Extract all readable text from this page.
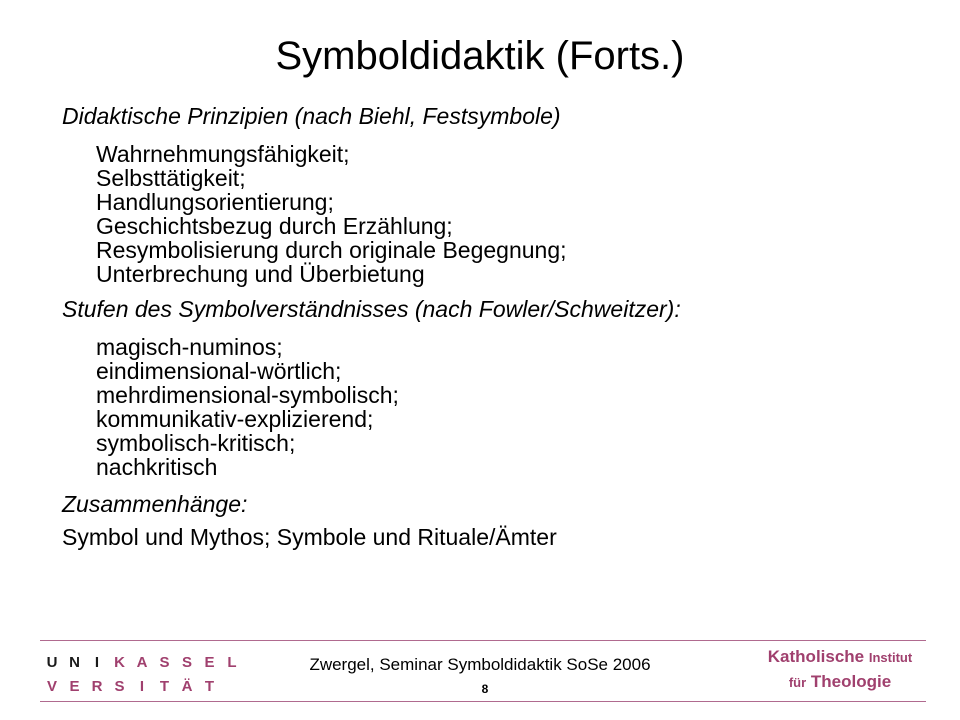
Symboldidaktik (Forts.)
Didaktische Prinzipien (nach Biehl, Festsymbole)
Wahrnehmungsfähigkeit;
Selbsttätigkeit;
Handlungsorientierung;
Geschichtsbezug durch Erzählung;
Resymbolisierung durch originale Begegnung;
Unterbrechung und Überbietung
Stufen des Symbolverständnisses (nach Fowler/Schweitzer):
magisch-numinos;
eindimensional-wörtlich;
mehrdimensional-symbolisch;
kommunikativ-explizierend;
symbolisch-kritisch;
nachkritisch
Zusammenhänge:
Symbol und Mythos; Symbole und Rituale/Ämter
U N I	K A S S E L
V E R S	I	T Ä T
Zwergel, Seminar Symboldidaktik SoSe 2006
8
Katholische Institut
für Theologie
